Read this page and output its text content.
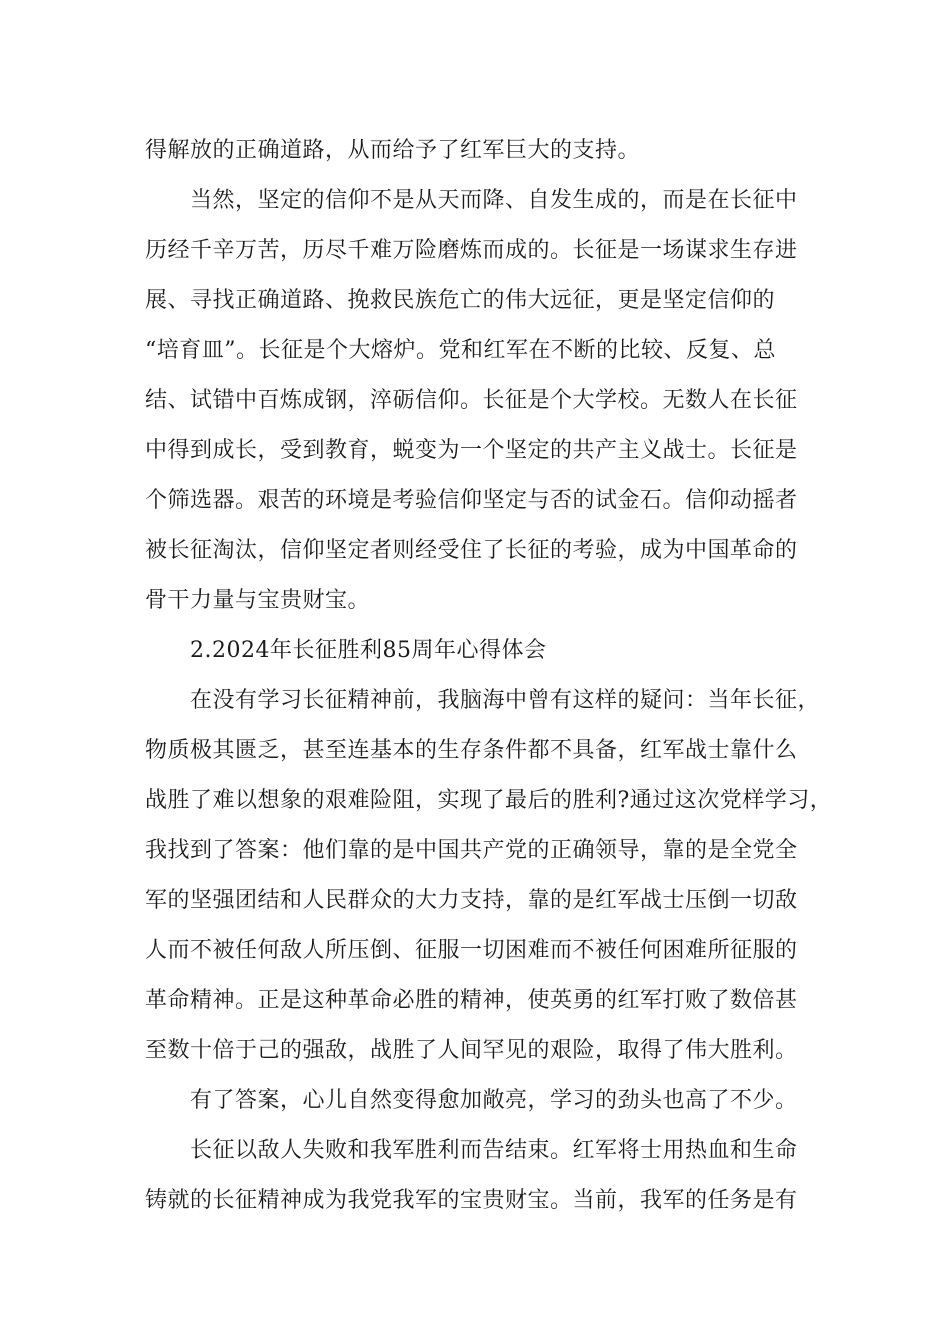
得解放的正确道路，从而给予了红军巨大的支持。
当然，坚定的信仰不是从天而降、自发生成的，而是在长征中
历经千辛万苦，历尽千难万险磨炼而成的。长征是一场谋求生存进
展、寻找正确道路、挽救民族危亡的伟大远征，更是坚定信仰的
“培育皿”。长征是个大熔炉。党和红军在不断的比较、反复、总
结、试错中百炼成钢，淬砺信仰。长征是个大学校。无数人在长征
中得到成长，受到教育，蜕变为一个坚定的共产主义战士。长征是
个筛选器。艰苦的环境是考验信仰坚定与否的试金石。信仰动摇者
被长征淘汰，信仰坚定者则经受住了长征的考验，成为中国革命的
骨干力量与宝贵财宝。
2.2024年长征胜利85周年心得体会
在没有学习长征精神前，我脑海中曾有这样的疑问：当年长征，
物质极其匮乏，甚至连基本的生存条件都不具备，红军战士靠什么
战胜了难以想象的艰难险阻，实现了最后的胜利?通过这次党样学习，
我找到了答案：他们靠的是中国共产党的正确领导，靠的是全党全
军的坚强团结和人民群众的大力支持，靠的是红军战士压倒一切敌
人而不被任何敌人所压倒、征服一切困难而不被任何困难所征服的
革命精神。正是这种革命必胜的精神，使英勇的红军打败了数倍甚
至数十倍于己的强敌，战胜了人间罕见的艰险，取得了伟大胜利。
有了答案，心儿自然变得愈加敞亮，学习的劲头也高了不少。
长征以敌人失败和我军胜利而告结束。红军将士用热血和生命
铸就的长征精神成为我党我军的宝贵财宝。当前，我军的任务是有
